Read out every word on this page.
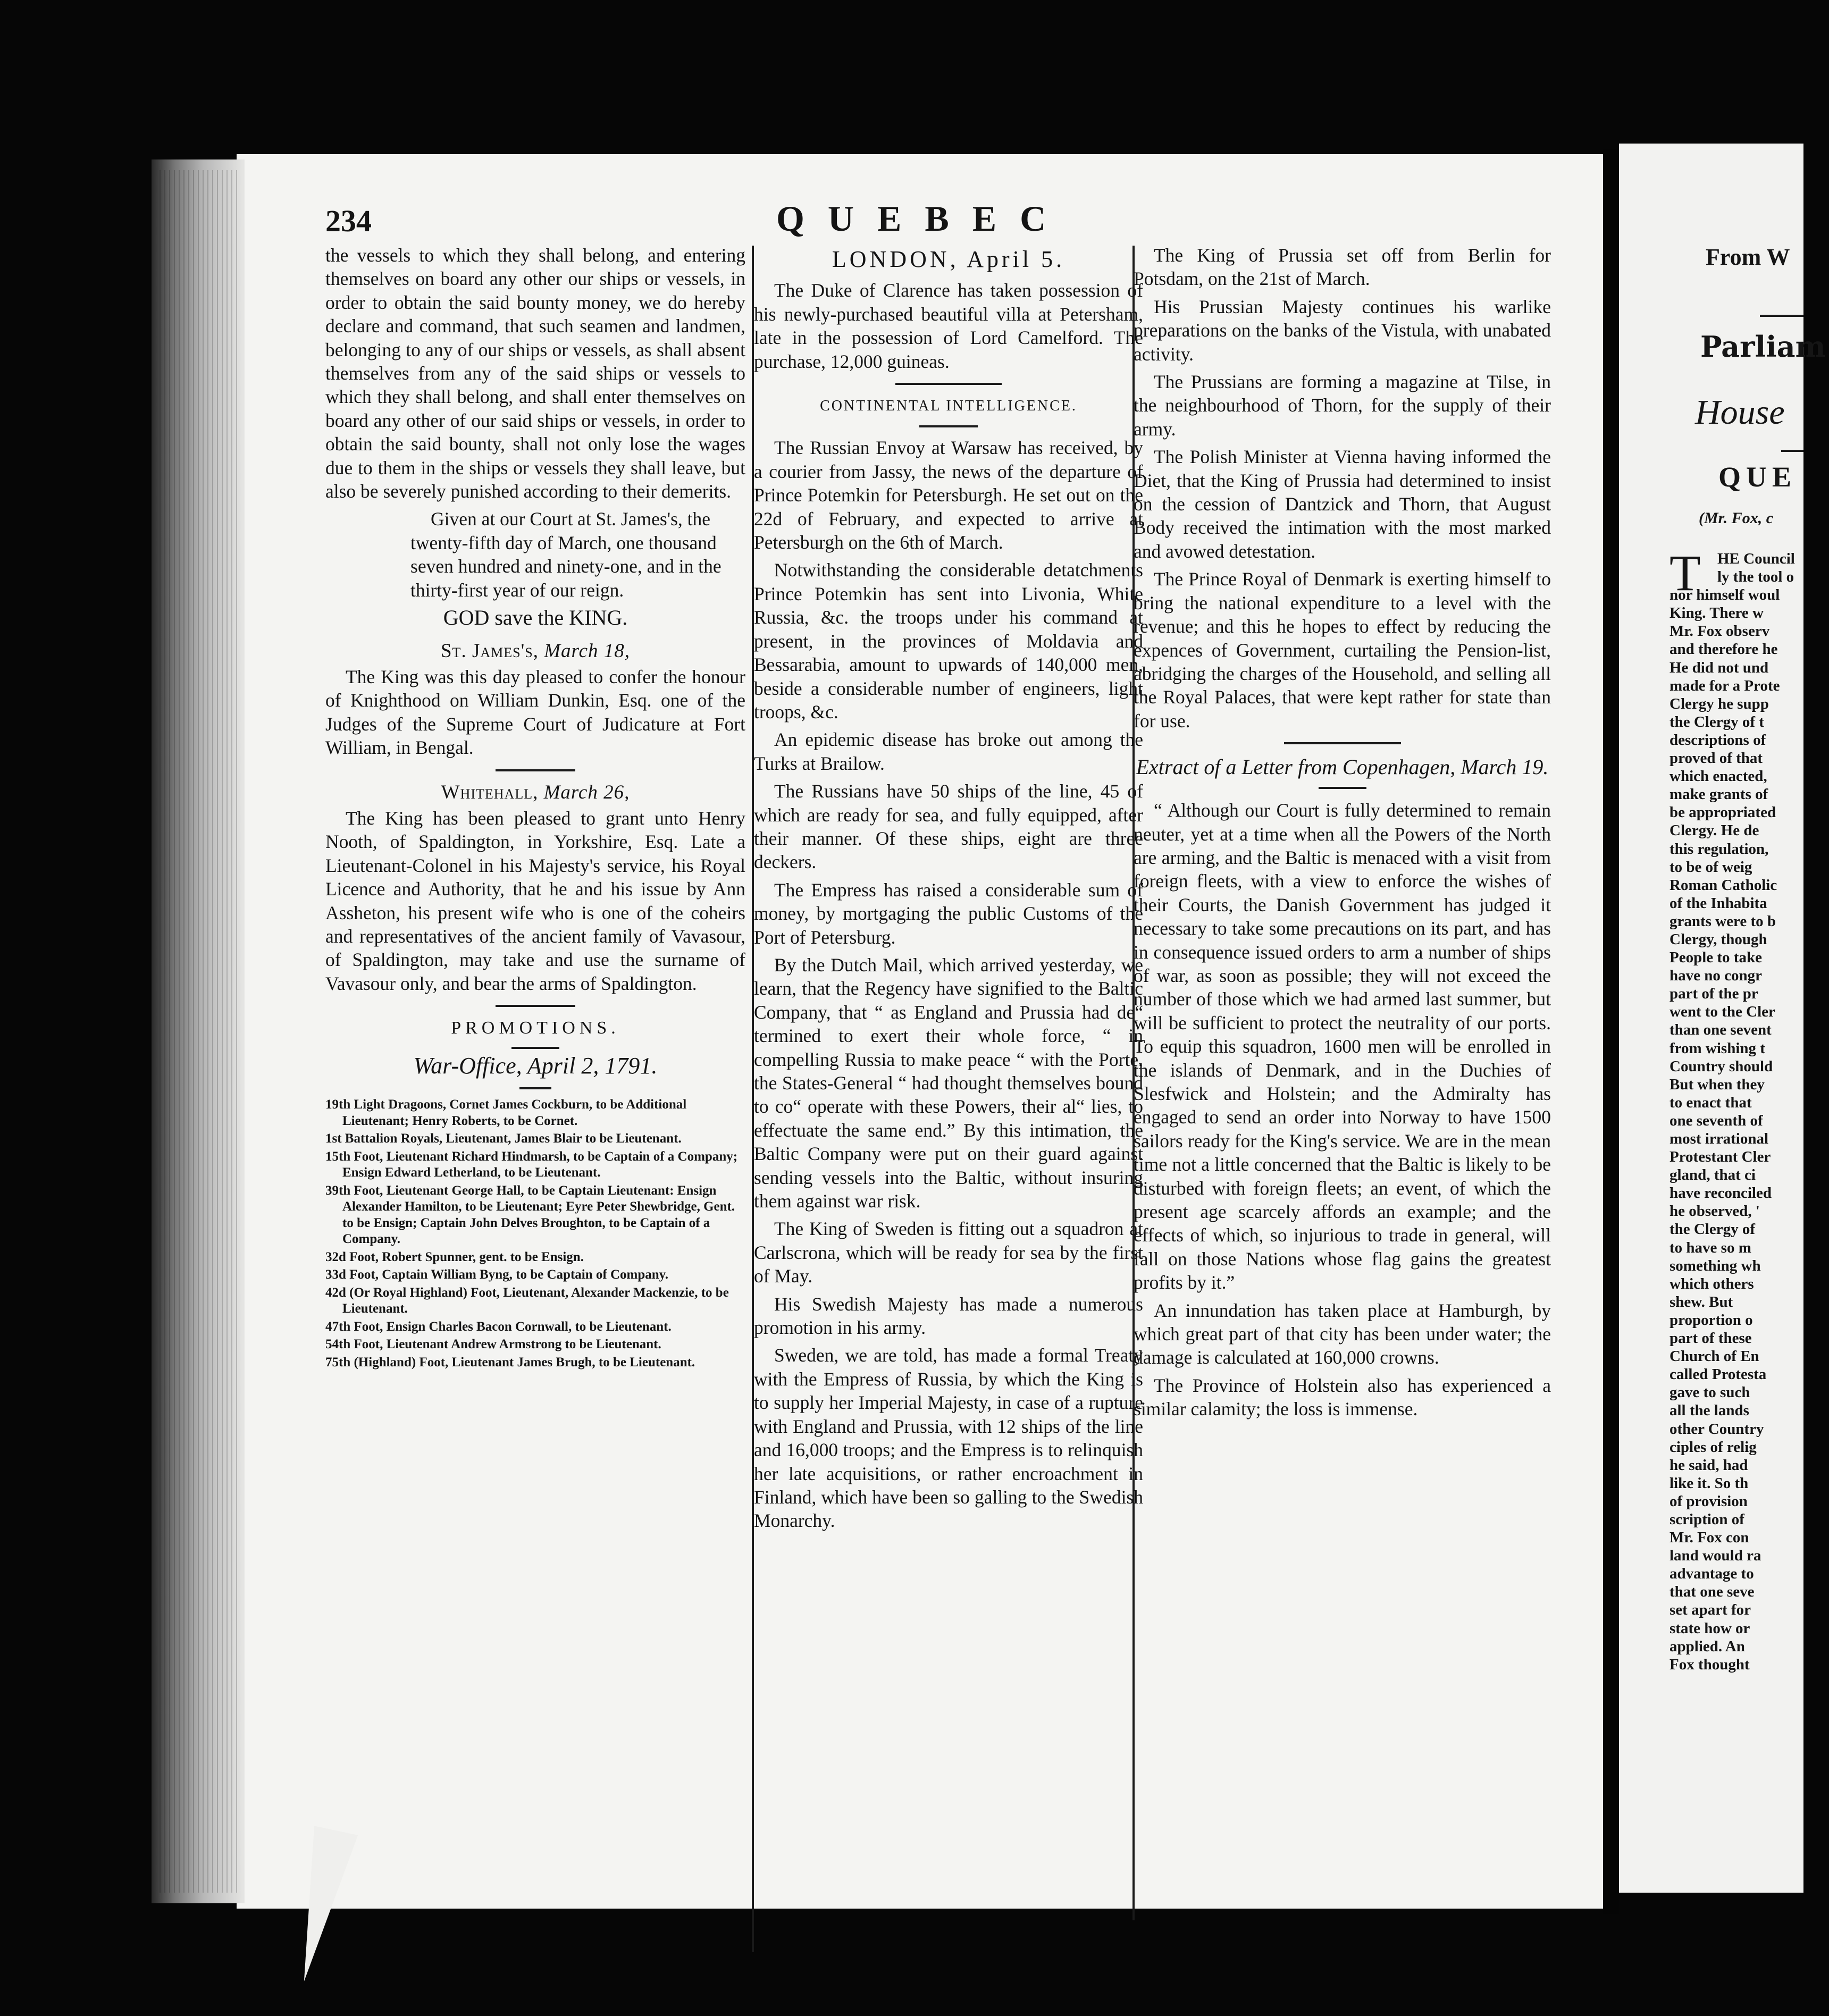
234	QUEBEC

the vessels to which they shall belong, and entering themselves on board any other our ships or vessels, in order to obtain the said bounty money, we do hereby declare and command, that such seamen and landmen, belonging to any of our ships or vessels, as shall absent themselves from any of the said ships or vessels to which they shall belong, and shall enter themselves on board any other of our said ships or vessels, in order to obtain the said bounty, shall not only lose the wages due to them in the ships or vessels they shall leave, but also be severely punished according to their demerits.

Given at our Court at St. James's, the twenty-fifth day of March, one thousand seven hundred and ninety-one, and in the thirty-first year of our reign.

GOD save the KING.
St. James's, March 18,

The King was this day pleased to confer the honour of Knighthood on William Dunkin, Esq. one of the Judges of the Supreme Court of Judicature at Fort William, in Bengal.

Whitehall, March 26,

The King has been pleased to grant unto Henry Nooth, of Spaldington, in Yorkshire, Esq. Late a Lieutenant-Colonel in his Majesty's service, his Royal Licence and Authority, that he and his issue by Ann Assheton, his present wife who is one of the coheirs and representatives of the ancient family of Vavasour, of Spaldington, may take and use the surname of Vavasour only, and bear the arms of Spaldington.

PROMOTIONS.
War-Office, April 2, 1791.
19th Light Dragoons, Cornet James Cockburn, to be Additional Lieutenant; Henry Roberts, to be Cornet.
1st Battalion Royals, Lieutenant, James Blair to be Lieutenant.
15th Foot, Lieutenant Richard Hindmarsh, to be Captain of a Company; Ensign Edward Letherland, to be Lieutenant.
39th Foot, Lieutenant George Hall, to be Captain Lieutenant: Ensign Alexander Hamilton, to be Lieutenant; Eyre Peter Shewbridge, Gent. to be Ensign; Captain John Delves Broughton, to be Captain of a Company.
32d Foot, Robert Spunner, gent. to be Ensign.
33d Foot, Captain William Byng, to be Captain of Company.
42d (Or Royal Highland) Foot, Lieutenant, Alexander Mackenzie, to be Lieutenant.
47th Foot, Ensign Charles Bacon Cornwall, to be Lieutenant.
54th Foot, Lieutenant Andrew Armstrong to be Lieutenant.
75th (Highland) Foot, Lieutenant James Brugh, to be Lieutenant.
LONDON, April 5.

The Duke of Clarence has taken possession of his newly-purchased beautiful villa at Petersham, late in the possession of Lord Camelford. The purchase, 12,000 guineas.

CONTINENTAL INTELLIGENCE.

The Russian Envoy at Warsaw has received, by a courier from Jassy, the news of the departure of Prince Potemkin for Petersburgh. He set out on the 22d of February, and expected to arrive at Petersburgh on the 6th of March.

Notwithstanding the considerable detatchments Prince Potemkin has sent into Livonia, White Russia, &c. the troops under his command at present, in the provinces of Moldavia and Bessarabia, amount to upwards of 140,000 men, beside a considerable number of engineers, light troops, &c.

An epidemic disease has broke out among the Turks at Brailow.

The Russians have 50 ships of the line, 45 of which are ready for sea, and fully equipped, after their manner. Of these ships, eight are three deckers.

The Empress has raised a considerable sum of money, by mortgaging the public Customs of the Port of Petersburg.

By the Dutch Mail, which arrived yesterday, we learn, that the Regency have signified to the Baltic Company, that “ as England and Prussia had de“ termined to exert their whole force, “ in compelling Russia to make peace “ with the Porte, the States-General “ had thought themselves bound to co“ operate with these Powers, their al“ lies, to effectuate the same end.” By this intimation, the Baltic Company were put on their guard against sending vessels into the Baltic, without insuring them against war risk.

The King of Sweden is fitting out a squadron at Carlscrona, which will be ready for sea by the first of May.

His Swedish Majesty has made a numerous promotion in his army.

Sweden, we are told, has made a formal Treaty with the Empress of Russia, by which the King is to supply her Imperial Majesty, in case of a rupture with England and Prussia, with 12 ships of the line and 16,000 troops; and the Empress is to relinquish her late acquisitions, or rather encroachment in Finland, which have been so galling to the Swedish Monarchy.

The King of Prussia set off from Berlin for Potsdam, on the 21st of March.

His Prussian Majesty continues his warlike preparations on the banks of the Vistula, with unabated activity.

The Prussians are forming a magazine at Tilse, in the neighbourhood of Thorn, for the supply of their army.

The Polish Minister at Vienna having informed the Diet, that the King of Prussia had determined to insist on the cession of Dantzick and Thorn, that August Body received the intimation with the most marked and avowed detestation.

The Prince Royal of Denmark is exerting himself to bring the national expenditure to a level with the revenue; and this he hopes to effect by reducing the expences of Government, curtailing the Pension-list, abridging the charges of the Household, and selling all the Royal Palaces, that were kept rather for state than for use.

Extract of a Letter from Copenhagen, March 19.

“ Although our Court is fully determined to remain neuter, yet at a time when all the Powers of the North are arming, and the Baltic is menaced with a visit from foreign fleets, with a view to enforce the wishes of their Courts, the Danish Government has judged it necessary to take some precautions on its part, and has in consequence issued orders to arm a number of ships of war, as soon as possible; they will not exceed the number of those which we had armed last summer, but will be sufficient to protect the neutrality of our ports. To equip this squadron, 1600 men will be enrolled in the islands of Denmark, and in the Duchies of Slesfwick and Holstein; and the Admiralty has engaged to send an order into Norway to have 1500 sailors ready for the King's service. We are in the mean time not a little concerned that the Baltic is likely to be disturbed with foreign fleets; an event, of which the present age scarcely affords an example; and the effects of which, so injurious to trade in general, will fall on those Nations whose flag gains the greatest profits by it.”

An innundation has taken place at Hamburgh, by which great part of that city has been under water; the damage is calculated at 160,000 crowns.

The Province of Holstein also has experienced a similar calamity; the loss is immense.

From W
Parliam
House
QUE
(Mr. Fox, c
T	HE Council
ly the tool o
nor himself woul
King. There w
Mr. Fox observ
and therefore he
He did not und
made for a Prote
Clergy he supp
the Clergy of t
descriptions of
proved of that
which enacted,
make grants of
be appropriated
Clergy. He de
this regulation,
to be of weig
Roman Catholic
of the Inhabita
grants were to b
Clergy, though
People to take
have no congr
part of the pr
went to the Cler
than one sevent
from wishing t
Country should
But when they
to enact that
one seventh of
most irrational
Protestant Cler
gland, that ci
have reconciled
he observed, '
the Clergy of
to have so m
something wh
which others
shew. But
proportion o
part of these
Church of En
called Protesta
gave to such
all the lands
other Country
ciples of relig
he said, had
like it. So th
of provision
scription of
Mr. Fox con
land would ra
advantage to
that one seve
set apart for
state how or
applied. An
Fox thought
